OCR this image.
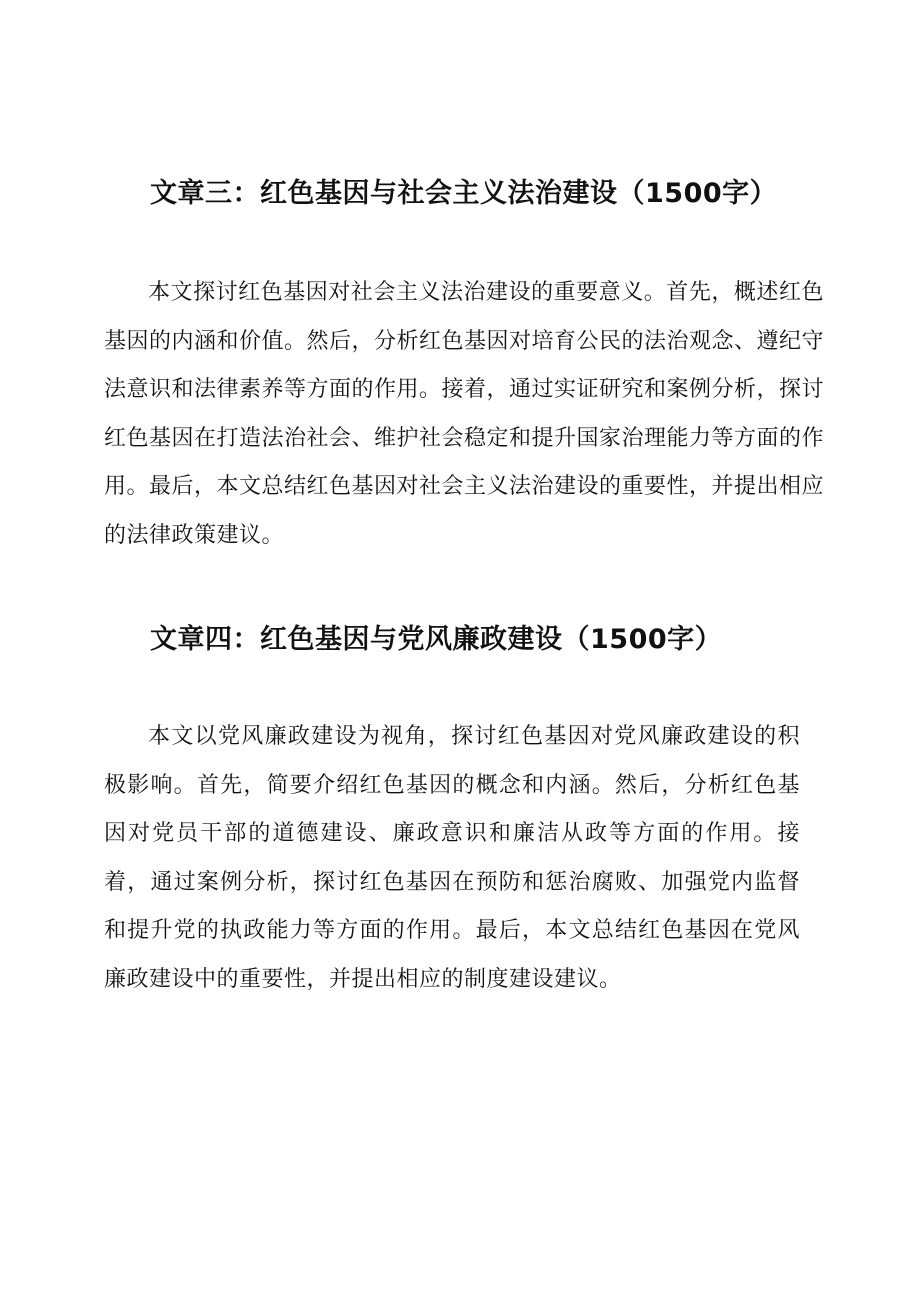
文章三：红色基因与社会主义法治建设（1500字）

本文探讨红色基因对社会主义法治建设的重要意义。首先，概述红色基因的内涵和价值。然后，分析红色基因对培育公民的法治观念、遵纪守法意识和法律素养等方面的作用。接着，通过实证研究和案例分析，探讨红色基因在打造法治社会、维护社会稳定和提升国家治理能力等方面的作用。最后，本文总结红色基因对社会主义法治建设的重要性，并提出相应的法律政策建议。

文章四：红色基因与党风廉政建设（1500字）

本文以党风廉政建设为视角，探讨红色基因对党风廉政建设的积极影响。首先，简要介绍红色基因的概念和内涵。然后，分析红色基因对党员干部的道德建设、廉政意识和廉洁从政等方面的作用。接着，通过案例分析，探讨红色基因在预防和惩治腐败、加强党内监督和提升党的执政能力等方面的作用。最后，本文总结红色基因在党风廉政建设中的重要性，并提出相应的制度建设建议。
